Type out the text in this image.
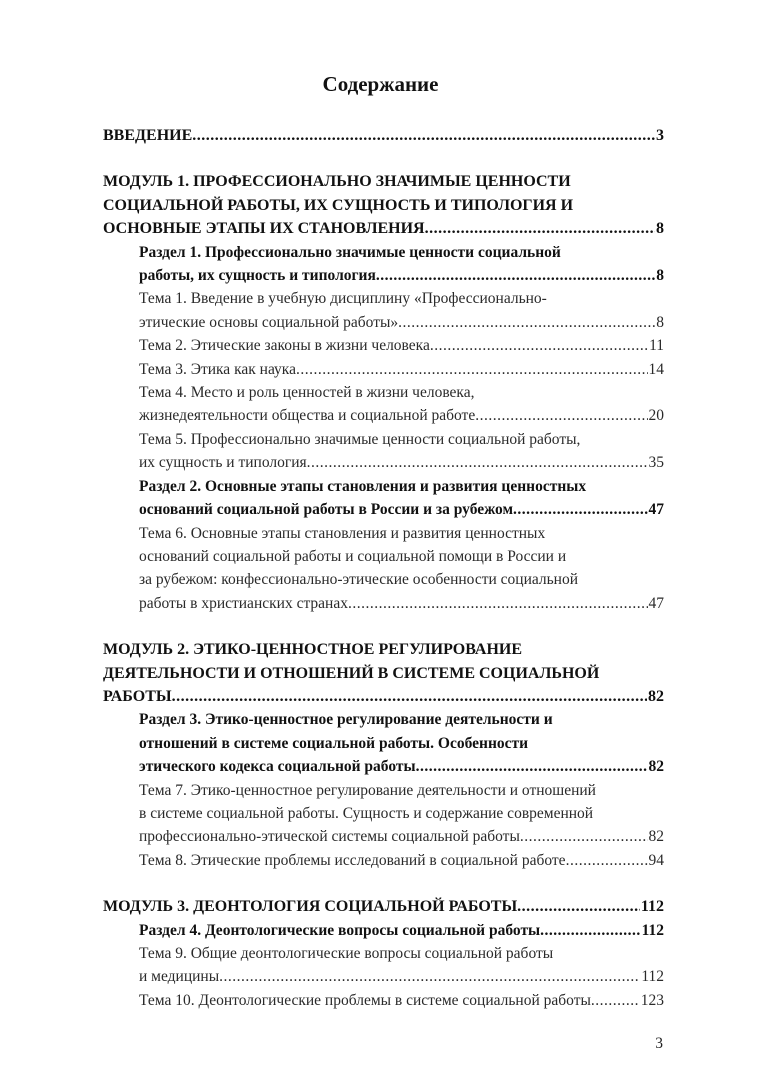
Содержание
ВВЕДЕНИЕ .....	3
МОДУЛЬ 1. ПРОФЕССИОНАЛЬНО ЗНАЧИМЫЕ ЦЕННОСТИ
СОЦИАЛЬНОЙ РАБОТЫ, ИХ СУЩНОСТЬ И ТИПОЛОГИЯ И
ОСНОВНЫЕ ЭТАПЫ ИХ СТАНОВЛЕНИЯ .....	8
Раздел 1. Профессионально значимые ценности социальной
работы, их сущность и типология .....	8
Тема 1. Введение в учебную дисциплину «Профессионально-
этические основы социальной работы» .....	8
Тема 2. Этические законы в жизни человека .....	11
Тема 3. Этика как наука .....	14
Тема 4. Место и роль ценностей в жизни человека,
жизнедеятельности общества и социальной работе .....	20
Тема 5. Профессионально значимые ценности социальной работы,
их сущность и типология .....	35
Раздел 2. Основные этапы становления и развития ценностных
оснований социальной работы в России и за рубежом .....	47
Тема 6. Основные этапы становления и развития ценностных
оснований социальной работы и социальной помощи в России и
за рубежом: конфессионально-этические особенности социальной
работы в христианских странах .....	47
МОДУЛЬ 2. ЭТИКО-ЦЕННОСТНОЕ РЕГУЛИРОВАНИЕ
ДЕЯТЕЛЬНОСТИ И ОТНОШЕНИЙ В СИСТЕМЕ СОЦИАЛЬНОЙ
РАБОТЫ .....	82
Раздел 3. Этико-ценностное регулирование деятельности и
отношений в системе социальной работы. Особенности
этического кодекса социальной работы .....	82
Тема 7. Этико-ценностное регулирование деятельности и отношений
в системе социальной работы. Сущность и содержание современной
профессионально-этической системы социальной работы .....	82
Тема 8. Этические проблемы исследований в социальной работе .....	94
МОДУЛЬ 3. ДЕОНТОЛОГИЯ СОЦИАЛЬНОЙ РАБОТЫ .....	112
Раздел 4. Деонтологические вопросы социальной работы .....	112
Тема 9. Общие деонтологические вопросы социальной работы
и медицины .....	112
Тема 10. Деонтологические проблемы в системе социальной работы .....	123
3
